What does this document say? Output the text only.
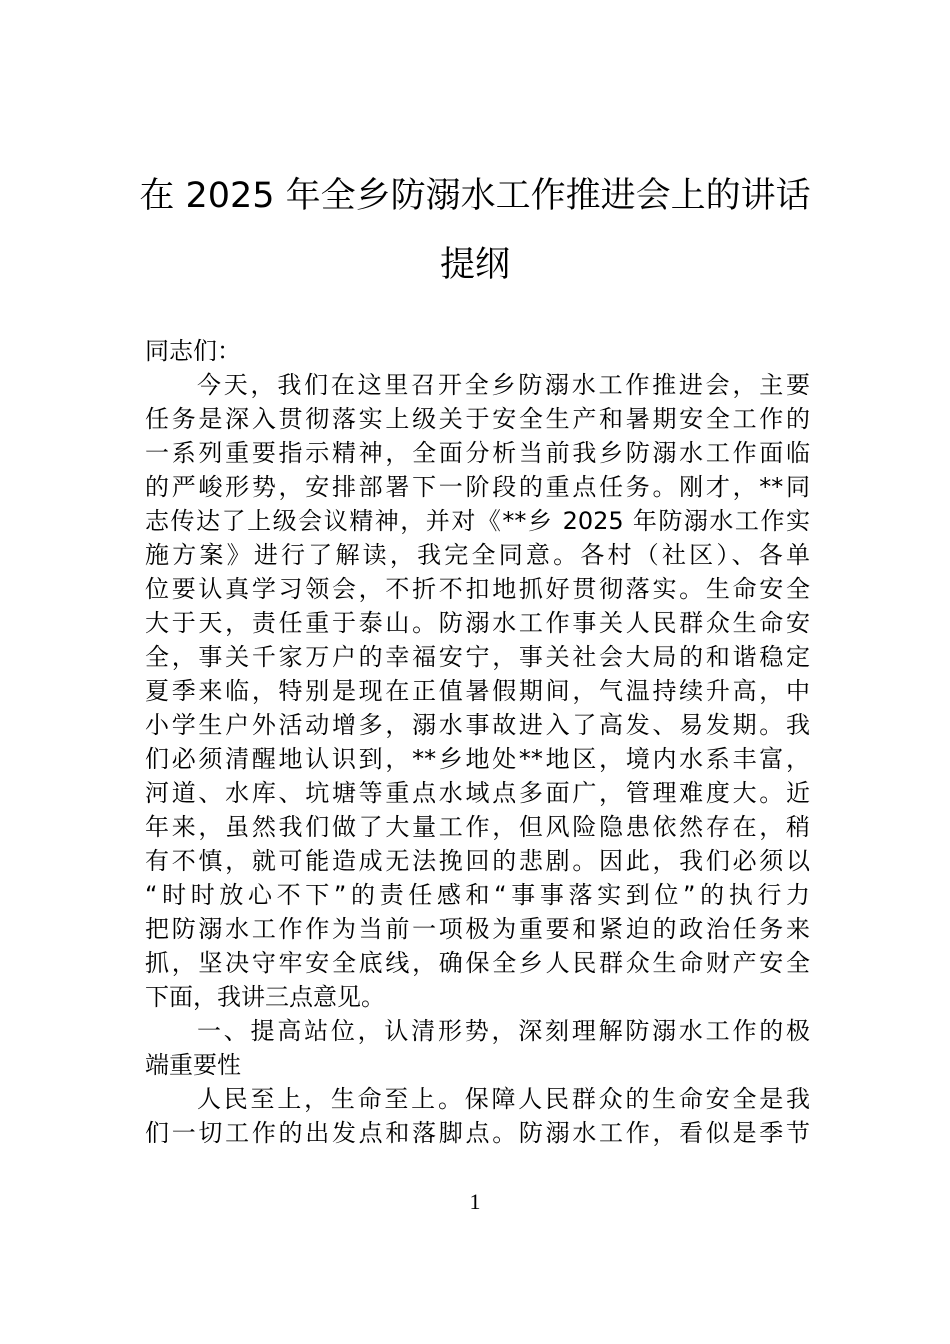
在 2025 年全乡防溺水工作推进会上的讲话
提纲
同志们：
今天，我们在这里召开全乡防溺水工作推进会，主要
任务是深入贯彻落实上级关于安全生产和暑期安全工作的
一系列重要指示精神，全面分析当前我乡防溺水工作面临
的严峻形势，安排部署下一阶段的重点任务。刚才，**同
志传达了上级会议精神，并对《**乡 2025 年防溺水工作实
施方案》进行了解读，我完全同意。各村（社区）、各单
位要认真学习领会，不折不扣地抓好贯彻落实。生命安全
大于天，责任重于泰山。防溺水工作事关人民群众生命安
全，事关千家万户的幸福安宁，事关社会大局的和谐稳定
夏季来临，特别是现在正值暑假期间，气温持续升高，中
小学生户外活动增多，溺水事故进入了高发、易发期。我
们必须清醒地认识到，**乡地处**地区，境内水系丰富，
河道、水库、坑塘等重点水域点多面广，管理难度大。近
年来，虽然我们做了大量工作，但风险隐患依然存在，稍
有不慎，就可能造成无法挽回的悲剧。因此，我们必须以
“时时放心不下”的责任感和“事事落实到位”的执行力
把防溺水工作作为当前一项极为重要和紧迫的政治任务来
抓，坚决守牢安全底线，确保全乡人民群众生命财产安全
下面，我讲三点意见。
一、提高站位，认清形势，深刻理解防溺水工作的极
端重要性
人民至上，生命至上。保障人民群众的生命安全是我
们一切工作的出发点和落脚点。防溺水工作，看似是季节
1
